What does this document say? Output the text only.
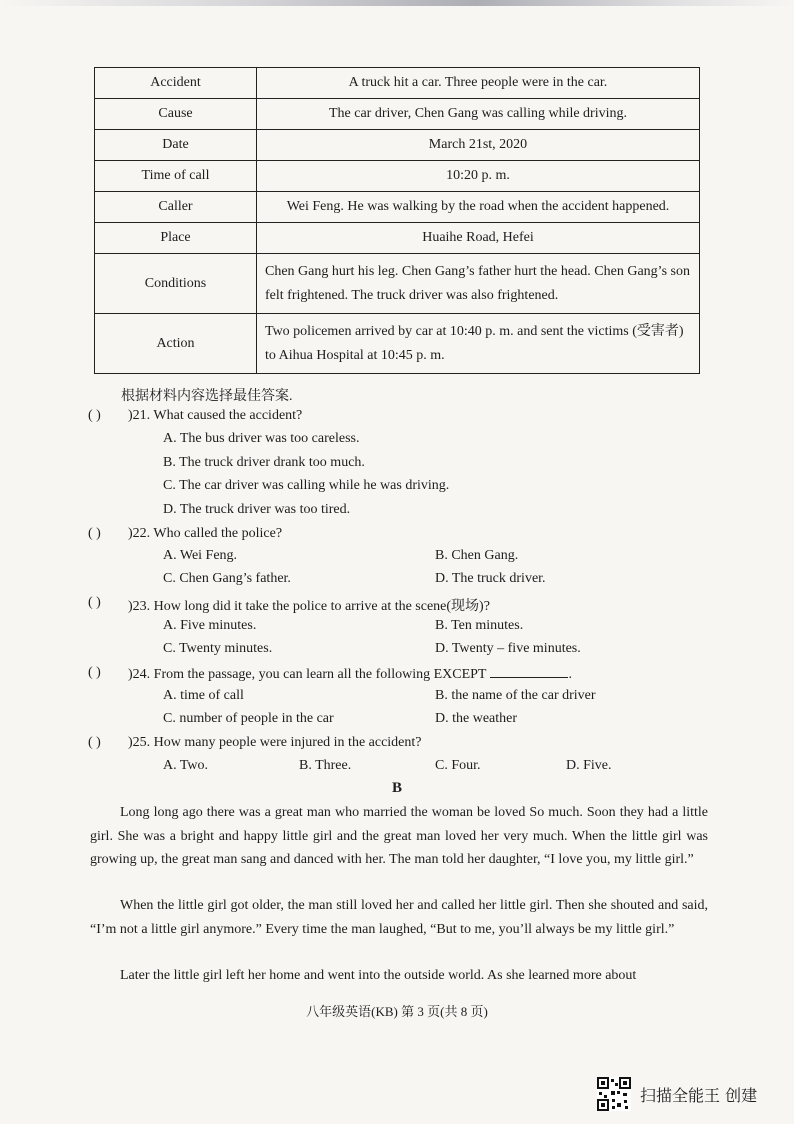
Accident	A truck hit a car. Three people were in the car.
Cause	The car driver, Chen Gang was calling while driving.
Date	March 21st, 2020
Time of call	10:20 p. m.
Caller	Wei Feng. He was walking by the road when the accident happened.
Place	Huaihe Road, Hefei
Conditions	Chen Gang hurt his leg. Chen Gang’s father hurt the head. Chen Gang’s son felt frightened. The truck driver was also frightened.
Action	Two policemen arrived by car at 10:40 p. m. and sent the victims (受害者) to Aihua Hospital at 10:45 p. m.
根据材料内容选择最佳答案.
( ) )21. What caused the accident?
A. The bus driver was too careless.
B. The truck driver drank too much.
C. The car driver was calling while he was driving.
D. The truck driver was too tired.
( ) )22. Who called the police?
A. Wei Feng.	B. Chen Gang.
C. Chen Gang’s father.	D. The truck driver.
( ) )23. How long did it take the police to arrive at the scene(现场)?
A. Five minutes.	B. Ten minutes.
C. Twenty minutes.	D. Twenty – five minutes.
( ) )24. From the passage, you can learn all the following EXCEPT	.
A. time of call	B. the name of the car driver
C. number of people in the car	D. the weather
( ) )25. How many people were injured in the accident?
A. Two.	B. Three.	C. Four.	D. Five.
B
Long long ago there was a great man who married the woman be loved So much. Soon they had a little girl. She was a bright and happy little girl and the great man loved her very much. When the little girl was growing up, the great man sang and danced with her. The man told her daughter, “I love you, my little girl.”
When the little girl got older, the man still loved her and called her little girl. Then she shouted and said, “I’m not a little girl anymore.” Every time the man laughed, “But to me, you’ll always be my little girl.”
Later the little girl left her home and went into the outside world. As she learned more about
八年级英语(KB) 第 3 页(共 8 页)
扫描全能王 创建
